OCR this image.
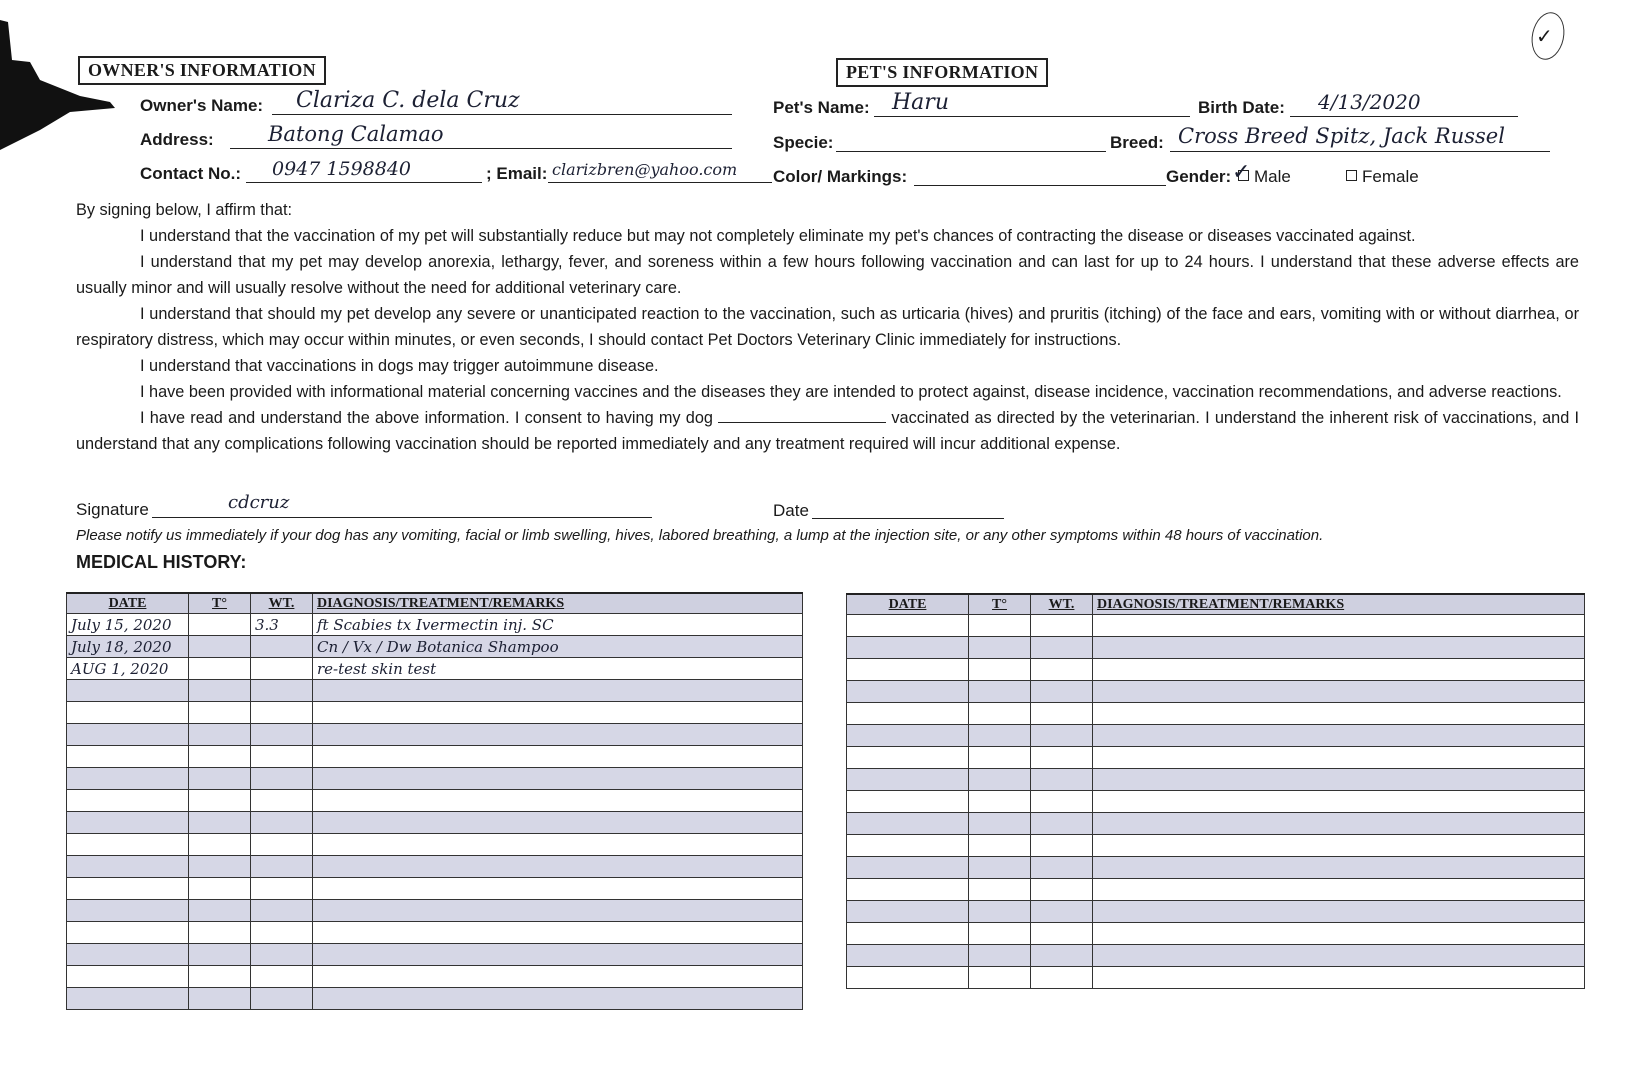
✓
OWNER'S INFORMATION
Owner's Name: Clariza C. dela Cruz
Address:	Batong Calamao
Contact No.: 0947 1598840	; Email: clarizbren@yahoo.com
PET'S INFORMATION
Pet's Name: Haru	Birth Date: 4/13/2020
Specie:	Breed: Cross Breed Spitz, Jack Russel
Color/ Markings:	Gender:	Male
✓	Female

By signing below, I affirm that:

I understand that the vaccination of my pet will substantially reduce but may not completely eliminate my pet's chances of contracting the disease or diseases vaccinated against.

I understand that my pet may develop anorexia, lethargy, fever, and soreness within a few hours following vaccination and can last for up to 24 hours. I understand that these adverse effects are usually minor and will usually resolve without the need for additional veterinary care.

I understand that should my pet develop any severe or unanticipated reaction to the vaccination, such as urticaria (hives) and pruritis (itching) of the face and ears, vomiting with or without diarrhea, or respiratory distress, which may occur within minutes, or even seconds, I should contact Pet Doctors Veterinary Clinic immediately for instructions.

I understand that vaccinations in dogs may trigger autoimmune disease.

I have been provided with informational material concerning vaccines and the diseases they are intended to protect against, disease incidence, vaccination recommendations, and adverse reactions.

I have read and understand the above information. I consent to having my dog	vaccinated as directed by the veterinarian. I understand the inherent risk of vaccinations, and I understand that any complications following vaccination should be reported immediately and any treatment required will incur additional expense.

Signature	cdcruz	Date
Please notify us immediately if your dog has any vomiting, facial or limb swelling, hives, labored breathing, a lump at the injection site, or any other symptoms within 48 hours of vaccination.
MEDICAL HISTORY:
DATE	T°	WT.	DIAGNOSIS/TREATMENT/REMARKS
July 15, 2020		3.3	ft Scabies tx Ivermectin inj. SC
July 18, 2020			Cn / Vx / Dw Botanica Shampoo
AUG 1, 2020			re-test skin test

DATE	T°	WT.	DIAGNOSIS/TREATMENT/REMARKS
